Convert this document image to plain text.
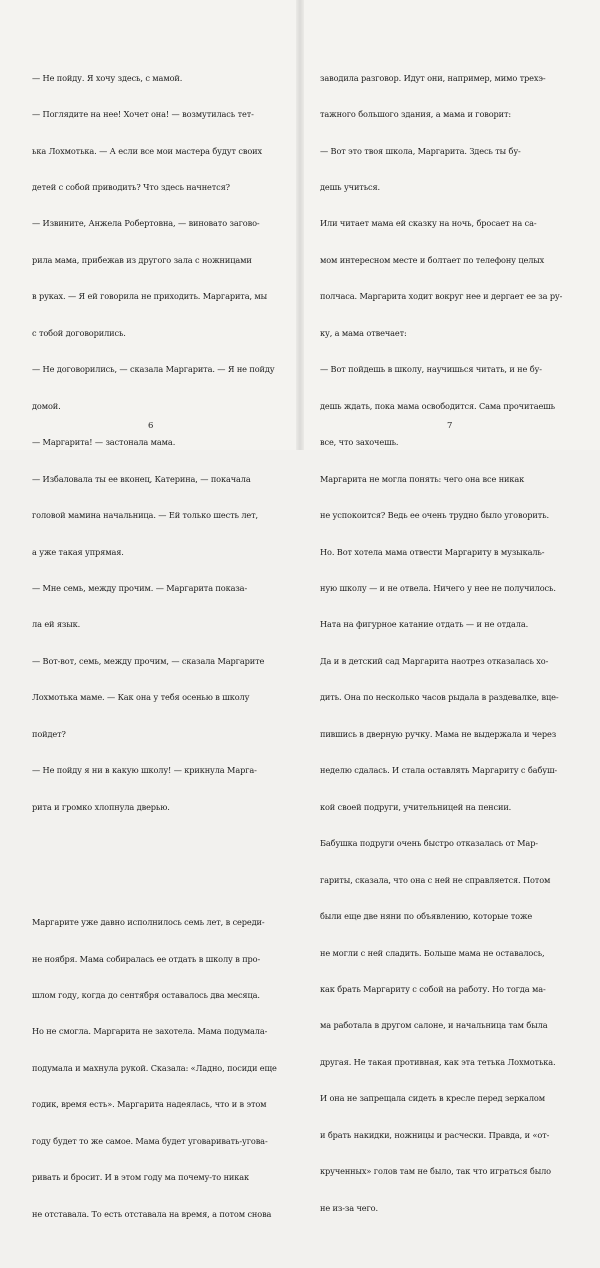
— Не пойду. Я хочу здесь, с мамой.

— Поглядите на нее! Хочет она! — возмутилась тет-

ька Лохмотька. — А если все мои мастера будут своих

детей с собой приводить? Что здесь начнется?

— Извините, Анжела Робертовна, — виновато загово-

рила мама, прибежав из другого зала с ножницами

в руках. — Я ей говорила не приходить. Маргарита, мы

с тобой договорились.

— Не договорились, — сказала Маргарита. — Я не пойду

домой.

— Маргарита! — застонала мама.

— Избаловала ты ее вконец, Катерина, — покачала

головой мамина начальница. — Ей только шесть лет,

а уже такая упрямая.

— Мне семь, между прочим. — Маргарита показа-

ла ей язык.

— Вот-вот, семь, между прочим, — сказала Маргарите

Лохмотька маме. — Как она у тебя осенью в школу

пойдет?

— Не пойду я ни в какую школу! — крикнула Марга-

рита и громко хлопнула дверью.

Маргарите уже давно исполнилось семь лет, в середи-

не ноября. Мама собиралась ее отдать в школу в про-

шлом году, когда до сентября оставалось два месяца.

Но не смогла. Маргарита не захотела. Мама подумала-

подумала и махнула рукой. Сказала: «Ладно, посиди еще

годик, время есть». Маргарита надеялась, что и в этом

году будет то же самое. Мама будет уговаривать-угова-

ривать и бросит. И в этом году ма почему-то никак

не отставала. То есть отставала на время, а потом снова

6

заводила разговор. Идут они, например, мимо трехэ-

тажного большого здания, а мама и говорит:

— Вот это твоя школа, Маргарита. Здесь ты бу-

дешь учиться.

Или читает мама ей сказку на ночь, бросает на са-

мом интересном месте и болтает по телефону целых

полчаса. Маргарита ходит вокруг нее и дергает ее за ру-

ку, а мама отвечает:

— Вот пойдешь в школу, научишься читать, и не бу-

дешь ждать, пока мама освободится. Сама прочитаешь

все, что захочешь.

Маргарита не могла понять: чего она все никак

не успокоится? Ведь ее очень трудно было уговорить.

Но. Вот хотела мама отвести Маргариту в музыкаль-

ную школу — и не отвела. Ничего у нее не получилось.

Ната на фигурное катание отдать — и не отдала.

Да и в детский сад Маргарита наотрез отказалась хо-

дить. Она по несколько часов рыдала в раздевалке, вце-

пившись в дверную ручку. Мама не выдержала и через

неделю сдалась. И стала оставлять Маргариту с бабуш-

кой своей подруги, учительницей на пенсии.

Бабушка подруги очень быстро отказалась от Мар-

гариты, сказала, что она с ней не справляется. Потом

были еще две няни по объявлению, которые тоже

не могли с ней сладить. Больше мама не оставалось,

как брать Маргариту с собой на работу. Но тогда ма-

ма работала в другом салоне, и начальница там была

другая. Не такая противная, как эта тетька Лохмотька.

И она не запрещала сидеть в кресле перед зеркалом

и брать накидки, ножницы и расчески. Правда, и «от-

крученных» голов там не было, так что играться было

не из-за чего.

7
